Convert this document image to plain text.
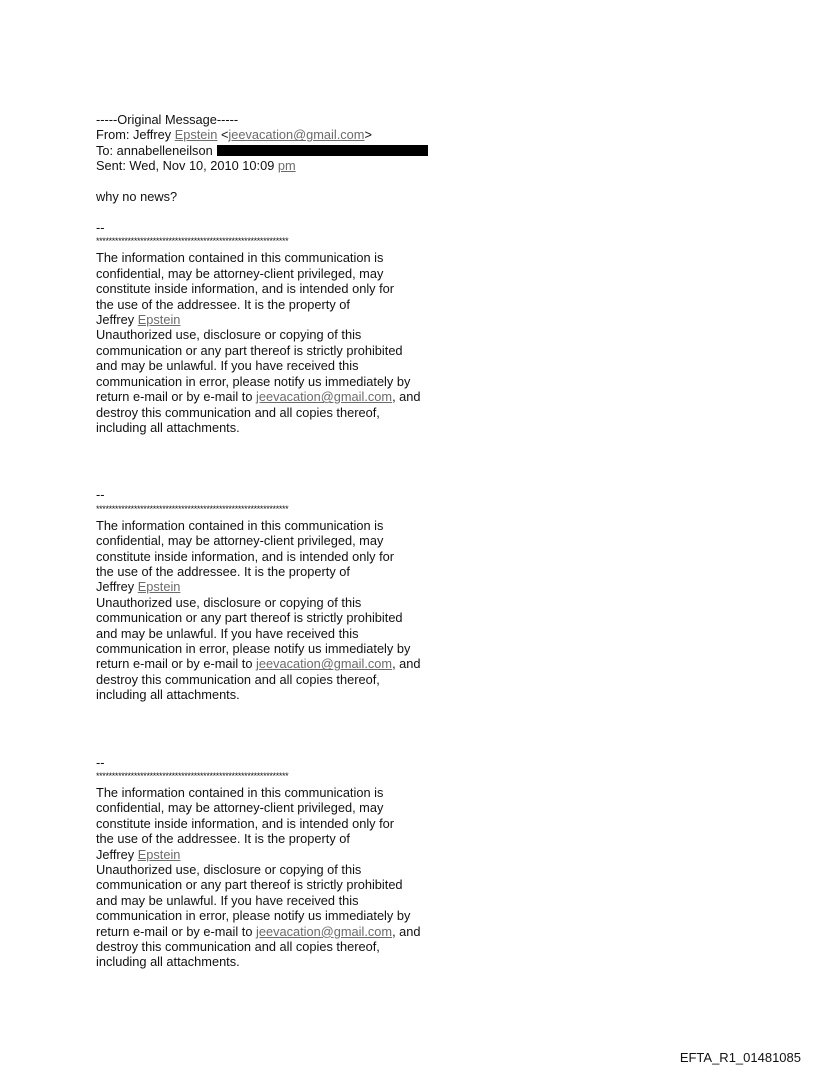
-----Original Message-----
From: Jeffrey Epstein <jeevacation@gmail.com>
To: annabelleneilson
Sent: Wed, Nov 10, 2010 10:09 pm
why no news?
--
*************************************************************
The information contained in this communication is
confidential, may be attorney-client privileged, may
constitute inside information, and is intended only for
the use of the addressee. It is the property of
Jeffrey Epstein
Unauthorized use, disclosure or copying of this
communication or any part thereof is strictly prohibited
and may be unlawful. If you have received this
communication in error, please notify us immediately by
return e-mail or by e-mail to jeevacation@gmail.com, and
destroy this communication and all copies thereof,
including all attachments.
--
*************************************************************
The information contained in this communication is
confidential, may be attorney-client privileged, may
constitute inside information, and is intended only for
the use of the addressee. It is the property of
Jeffrey Epstein
Unauthorized use, disclosure or copying of this
communication or any part thereof is strictly prohibited
and may be unlawful. If you have received this
communication in error, please notify us immediately by
return e-mail or by e-mail to jeevacation@gmail.com, and
destroy this communication and all copies thereof,
including all attachments.
--
*************************************************************
The information contained in this communication is
confidential, may be attorney-client privileged, may
constitute inside information, and is intended only for
the use of the addressee. It is the property of
Jeffrey Epstein
Unauthorized use, disclosure or copying of this
communication or any part thereof is strictly prohibited
and may be unlawful. If you have received this
communication in error, please notify us immediately by
return e-mail or by e-mail to jeevacation@gmail.com, and
destroy this communication and all copies thereof,
including all attachments.
EFTA_R1_01481085
